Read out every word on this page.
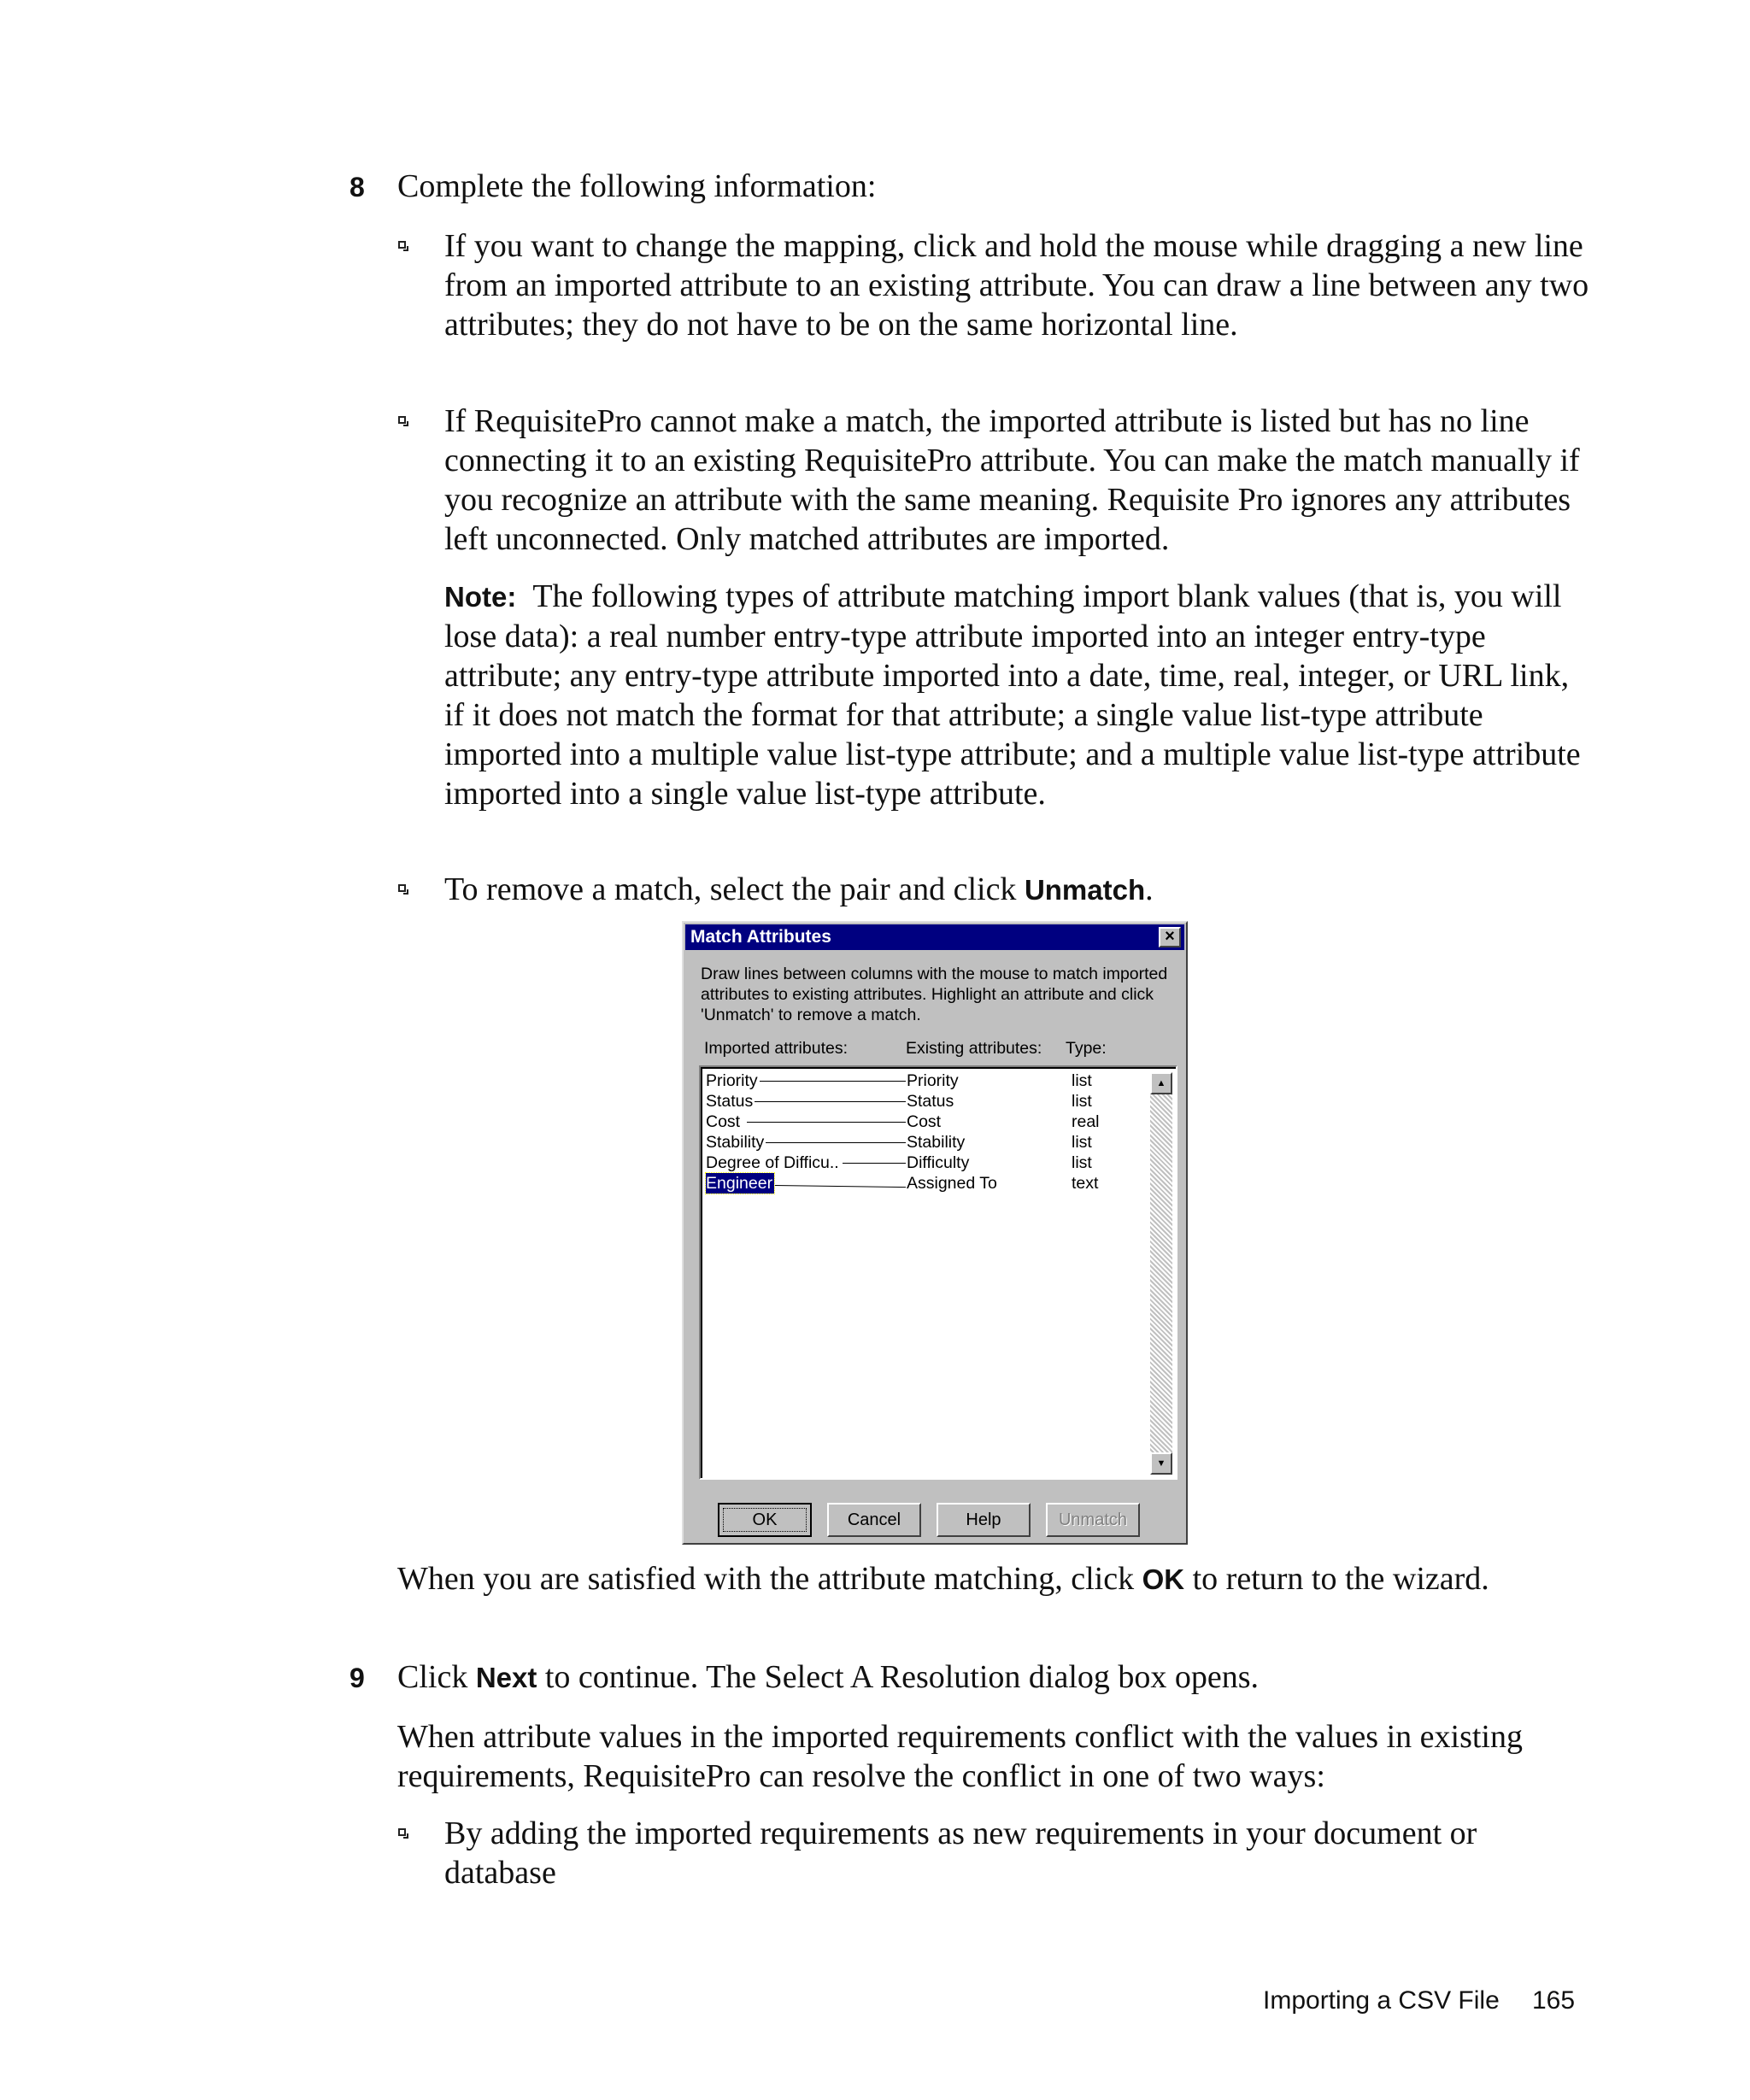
8 Complete the following information:
If you want to change the mapping, click and hold the mouse while dragging a new line from an imported attribute to an existing attribute. You can draw a line between any two attributes; they do not have to be on the same horizontal line.
If RequisitePro cannot make a match, the imported attribute is listed but has no line connecting it to an existing RequisitePro attribute. You can make the match manually if you recognize an attribute with the same meaning. Requisite Pro ignores any attributes left unconnected. Only matched attributes are imported.
Note: The following types of attribute matching import blank values (that is, you will lose data): a real number entry-type attribute imported into an integer entry-type attribute; any entry-type attribute imported into a date, time, real, integer, or URL link, if it does not match the format for that attribute; a single value list-type attribute imported into a multiple value list-type attribute; and a multiple value list-type attribute imported into a single value list-type attribute.
To remove a match, select the pair and click Unmatch.
Match Attributes	×
Draw lines between columns with the mouse to match imported attributes to existing attributes. Highlight an attribute and click 'Unmatch' to remove a match.
Imported attributes:	Existing attributes: Type:
Priority	Priority	list
Status	Status	list
Cost	Cost	real
Stability	Stability	list
Degree of Difficu..	Difficulty	list
Engineer	Assigned To	text
▲
▼
OK	Cancel	Help	Unmatch
When you are satisfied with the attribute matching, click OK to return to the wizard.
9 Click Next to continue. The Select A Resolution dialog box opens.
When attribute values in the imported requirements conflict with the values in existing requirements, RequisitePro can resolve the conflict in one of two ways:
By adding the imported requirements as new requirements in your document or database
Importing a CSV File 165
